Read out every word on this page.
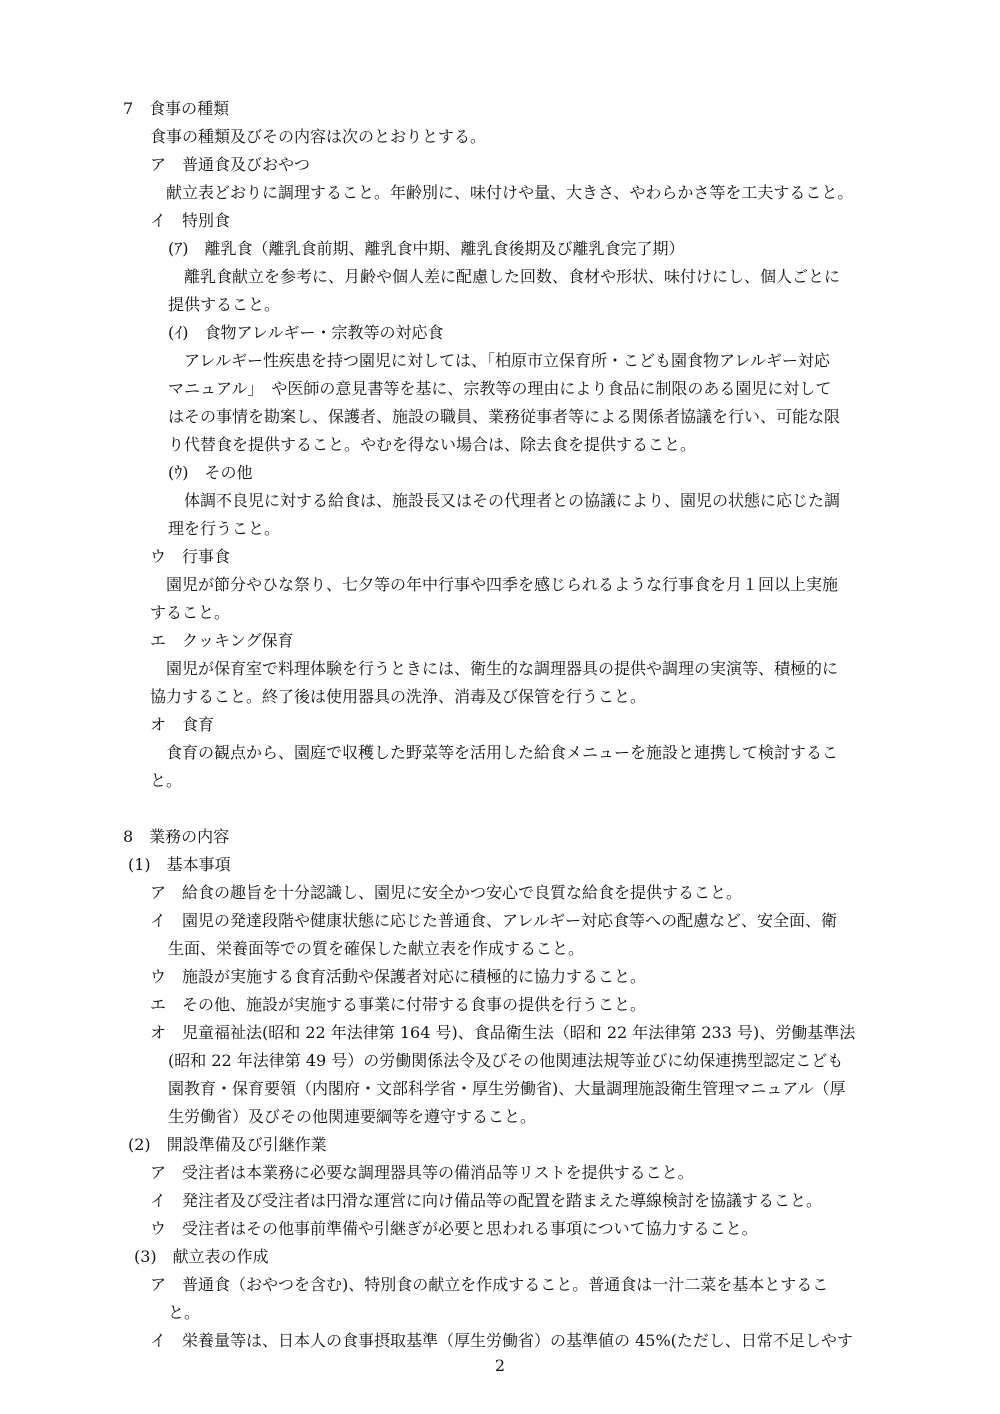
7　食事の種類
食事の種類及びその内容は次のとおりとする。
ア　普通食及びおやつ
献立表どおりに調理すること。年齢別に、味付けや量、大きさ、やわらかさ等を工夫すること。
イ　特別食
(ｱ)　離乳食（離乳食前期、離乳食中期、離乳食後期及び離乳食完了期）
離乳食献立を参考に、月齢や個人差に配慮した回数、食材や形状、味付けにし、個人ごとに
提供すること。
(ｲ)　食物アレルギー・宗教等の対応食
アレルギー性疾患を持つ園児に対しては、「柏原市立保育所・こども園食物アレルギー対応
マニュアル」　や医師の意見書等を基に、宗教等の理由により食品に制限のある園児に対して
はその事情を勘案し、保護者、施設の職員、業務従事者等による関係者協議を行い、可能な限
り代替食を提供すること。やむを得ない場合は、除去食を提供すること。
(ｳ)　その他
体調不良児に対する給食は、施設長又はその代理者との協議により、園児の状態に応じた調
理を行うこと。
ウ　行事食
園児が節分やひな祭り、七夕等の年中行事や四季を感じられるような行事食を月１回以上実施
すること。
エ　クッキング保育
園児が保育室で料理体験を行うときには、衛生的な調理器具の提供や調理の実演等、積極的に
協力すること。終了後は使用器具の洗浄、消毒及び保管を行うこと。
オ　食育
食育の観点から、園庭で収穫した野菜等を活用した給食メニューを施設と連携して検討するこ
と。
8　業務の内容
(1)　基本事項
ア　給食の趣旨を十分認識し、園児に安全かつ安心で良質な給食を提供すること。
イ　園児の発達段階や健康状態に応じた普通食、アレルギー対応食等への配慮など、安全面、衛
生面、栄養面等での質を確保した献立表を作成すること。
ウ　施設が実施する食育活動や保護者対応に積極的に協力すること。
エ　その他、施設が実施する事業に付帯する食事の提供を行うこと。
オ　児童福祉法(昭和 22 年法律第 164 号)、食品衛生法（昭和 22 年法律第 233 号)、労働基準法
(昭和 22 年法律第 49 号）の労働関係法令及びその他関連法規等並びに幼保連携型認定こども
園教育・保育要領（内閣府・文部科学省・厚生労働省)、大量調理施設衛生管理マニュアル（厚
生労働省）及びその他関連要綱等を遵守すること。
(2)　開設準備及び引継作業
ア　受注者は本業務に必要な調理器具等の備消品等リストを提供すること。
イ　発注者及び受注者は円滑な運営に向け備品等の配置を踏まえた導線検討を協議すること。
ウ　受注者はその他事前準備や引継ぎが必要と思われる事項について協力すること。
(3)　献立表の作成
ア　普通食（おやつを含む)、特別食の献立を作成すること。普通食は一汁二菜を基本とするこ
と。
イ　栄養量等は、日本人の食事摂取基準（厚生労働省）の基準値の 45%(ただし、日常不足しやす
2
